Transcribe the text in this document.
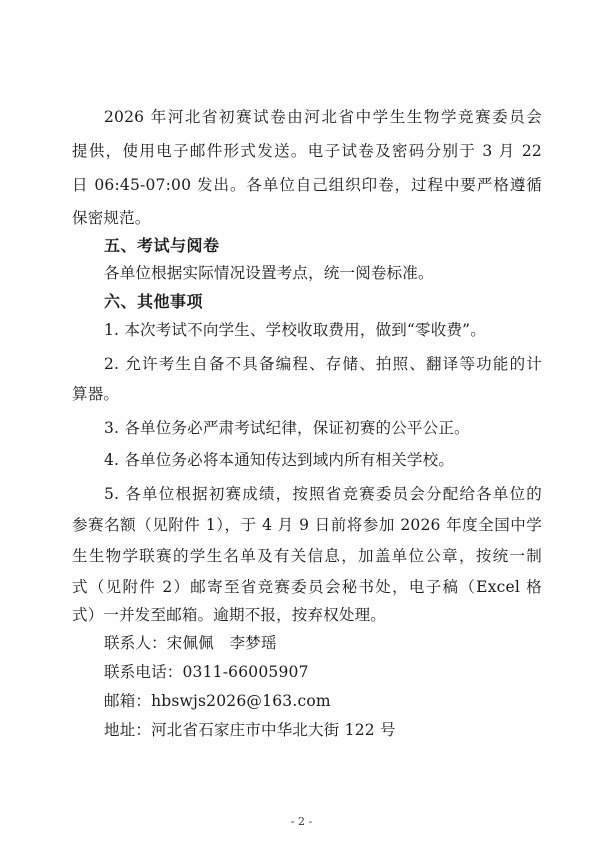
2026 年河北省初赛试卷由河北省中学生生物学竞赛委员会
提供，使用电子邮件形式发送。电子试卷及密码分别于 3 月 22
日 06:45-07:00 发出。各单位自己组织印卷，过程中要严格遵循
保密规范。
五、考试与阅卷
各单位根据实际情况设置考点，统一阅卷标准。
六、其他事项
1. 本次考试不向学生、学校收取费用，做到“零收费”。
2. 允许考生自备不具备编程、存储、拍照、翻译等功能的计
算器。
3. 各单位务必严肃考试纪律，保证初赛的公平公正。
4. 各单位务必将本通知传达到域内所有相关学校。
5. 各单位根据初赛成绩，按照省竞赛委员会分配给各单位的
参赛名额（见附件 1），于 4 月 9 日前将参加 2026 年度全国中学
生生物学联赛的学生名单及有关信息，加盖单位公章，按统一制
式（见附件 2）邮寄至省竞赛委员会秘书处，电子稿（Excel 格
式）一并发至邮箱。逾期不报，按弃权处理。
联系人：宋佩佩　李梦瑶
联系电话：0311-66005907
邮箱：hbswjs2026@163.com
地址：河北省石家庄市中华北大街 122 号
- 2 -
